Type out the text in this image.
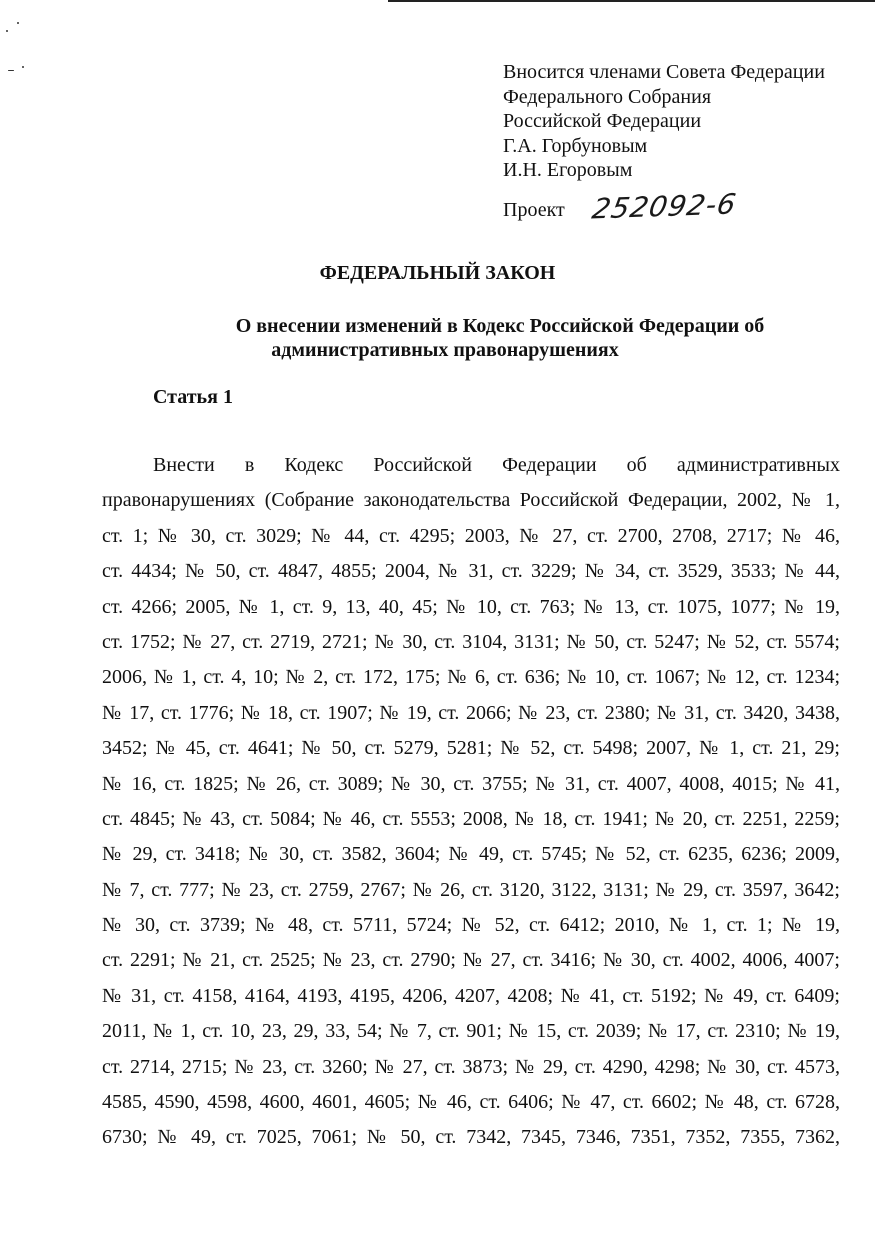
Вносится членами Совета Федерации
Федерального Собрания
Российской Федерации
Г.А. Горбуновым
И.Н. Егоровым
Проект 252092-6
ФЕДЕРАЛЬНЫЙ ЗАКОН
О внесении изменений в Кодекс Российской Федерации об
административных правонарушениях
Статья 1
Внести в Кодекс Российской Федерации об административных
правонарушениях (Собрание законодательства Российской Федерации, 2002, № 1,
ст. 1; № 30, ст. 3029; № 44, ст. 4295; 2003, № 27, ст. 2700, 2708, 2717; № 46,
ст. 4434; № 50, ст. 4847, 4855; 2004, № 31, ст. 3229; № 34, ст. 3529, 3533; № 44,
ст. 4266; 2005, № 1, ст. 9, 13, 40, 45; № 10, ст. 763; № 13, ст. 1075, 1077; № 19,
ст. 1752; № 27, ст. 2719, 2721; № 30, ст. 3104, 3131; № 50, ст. 5247; № 52, ст. 5574;
2006, № 1, ст. 4, 10; № 2, ст. 172, 175; № 6, ст. 636; № 10, ст. 1067; № 12, ст. 1234;
№ 17, ст. 1776; № 18, ст. 1907; № 19, ст. 2066; № 23, ст. 2380; № 31, ст. 3420, 3438,
3452; № 45, ст. 4641; № 50, ст. 5279, 5281; № 52, ст. 5498; 2007, № 1, ст. 21, 29;
№ 16, ст. 1825; № 26, ст. 3089; № 30, ст. 3755; № 31, ст. 4007, 4008, 4015; № 41,
ст. 4845; № 43, ст. 5084; № 46, ст. 5553; 2008, № 18, ст. 1941; № 20, ст. 2251, 2259;
№ 29, ст. 3418; № 30, ст. 3582, 3604; № 49, ст. 5745; № 52, ст. 6235, 6236; 2009,
№ 7, ст. 777; № 23, ст. 2759, 2767; № 26, ст. 3120, 3122, 3131; № 29, ст. 3597, 3642;
№ 30, ст. 3739; № 48, ст. 5711, 5724; № 52, ст. 6412; 2010, № 1, ст. 1; № 19,
ст. 2291; № 21, ст. 2525; № 23, ст. 2790; № 27, ст. 3416; № 30, ст. 4002, 4006, 4007;
№ 31, ст. 4158, 4164, 4193, 4195, 4206, 4207, 4208; № 41, ст. 5192; № 49, ст. 6409;
2011, № 1, ст. 10, 23, 29, 33, 54; № 7, ст. 901; № 15, ст. 2039; № 17, ст. 2310; № 19,
ст. 2714, 2715; № 23, ст. 3260; № 27, ст. 3873; № 29, ст. 4290, 4298; № 30, ст. 4573,
4585, 4590, 4598, 4600, 4601, 4605; № 46, ст. 6406; № 47, ст. 6602; № 48, ст. 6728,
6730; № 49, ст. 7025, 7061; № 50, ст. 7342, 7345, 7346, 7351, 7352, 7355, 7362,
